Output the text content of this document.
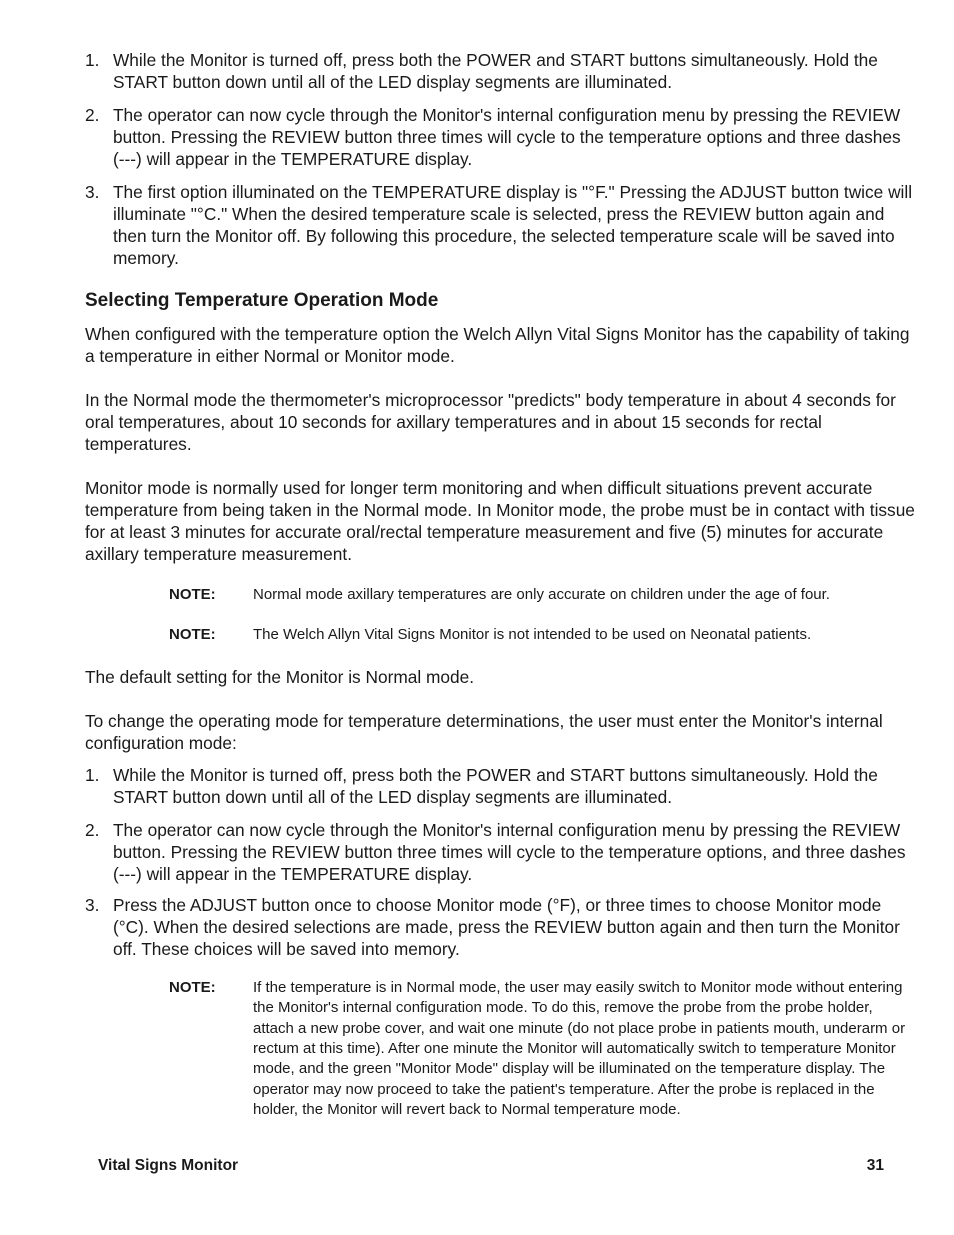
1. While the Monitor is turned off, press both the POWER and START buttons simultaneously. Hold the START button down until all of the LED display segments are illuminated.
2. The operator can now cycle through the Monitor's internal configuration menu by pressing the REVIEW button. Pressing the REVIEW button three times will cycle to the temperature options and three dashes (---) will appear in the TEMPERATURE display.
3. The first option illuminated on the TEMPERATURE display is "°F." Pressing the ADJUST button twice will illuminate "°C." When the desired temperature scale is selected, press the REVIEW button again and then turn the Monitor off. By following this procedure, the selected temperature scale will be saved into memory.
Selecting Temperature Operation Mode

When configured with the temperature option the Welch Allyn Vital Signs Monitor has the capability of taking a temperature in either Normal or Monitor mode.

In the Normal mode the thermometer's microprocessor "predicts" body temperature in about 4 seconds for oral temperatures, about 10 seconds for axillary temperatures and in about 15 seconds for rectal temperatures.

Monitor mode is normally used for longer term monitoring and when difficult situations prevent accurate temperature from being taken in the Normal mode. In Monitor mode, the probe must be in contact with tissue for at least 3 minutes for accurate oral/rectal temperature measurement and five (5) minutes for accurate axillary temperature measurement.

NOTE: Normal mode axillary temperatures are only accurate on children under the age of four.
NOTE: The Welch Allyn Vital Signs Monitor is not intended to be used on Neonatal patients.

The default setting for the Monitor is Normal mode.

To change the operating mode for temperature determinations, the user must enter the Monitor's internal configuration mode:

1. While the Monitor is turned off, press both the POWER and START buttons simultaneously. Hold the START button down until all of the LED display segments are illuminated.
2. The operator can now cycle through the Monitor's internal configuration menu by pressing the REVIEW button. Pressing the REVIEW button three times will cycle to the temperature options, and three dashes (---) will appear in the TEMPERATURE display.
3. Press the ADJUST button once to choose Monitor mode (°F), or three times to choose Monitor mode (°C). When the desired selections are made, press the REVIEW button again and then turn the Monitor off. These choices will be saved into memory.
NOTE: If the temperature is in Normal mode, the user may easily switch to Monitor mode without entering the Monitor's internal configuration mode. To do this, remove the probe from the probe holder, attach a new probe cover, and wait one minute (do not place probe in patients mouth, underarm or rectum at this time). After one minute the Monitor will automatically switch to temperature Monitor mode, and the green "Monitor Mode" display will be illuminated on the temperature display. The operator may now proceed to take the patient's temperature. After the probe is replaced in the holder, the Monitor will revert back to Normal temperature mode.
Vital Signs Monitor	31
